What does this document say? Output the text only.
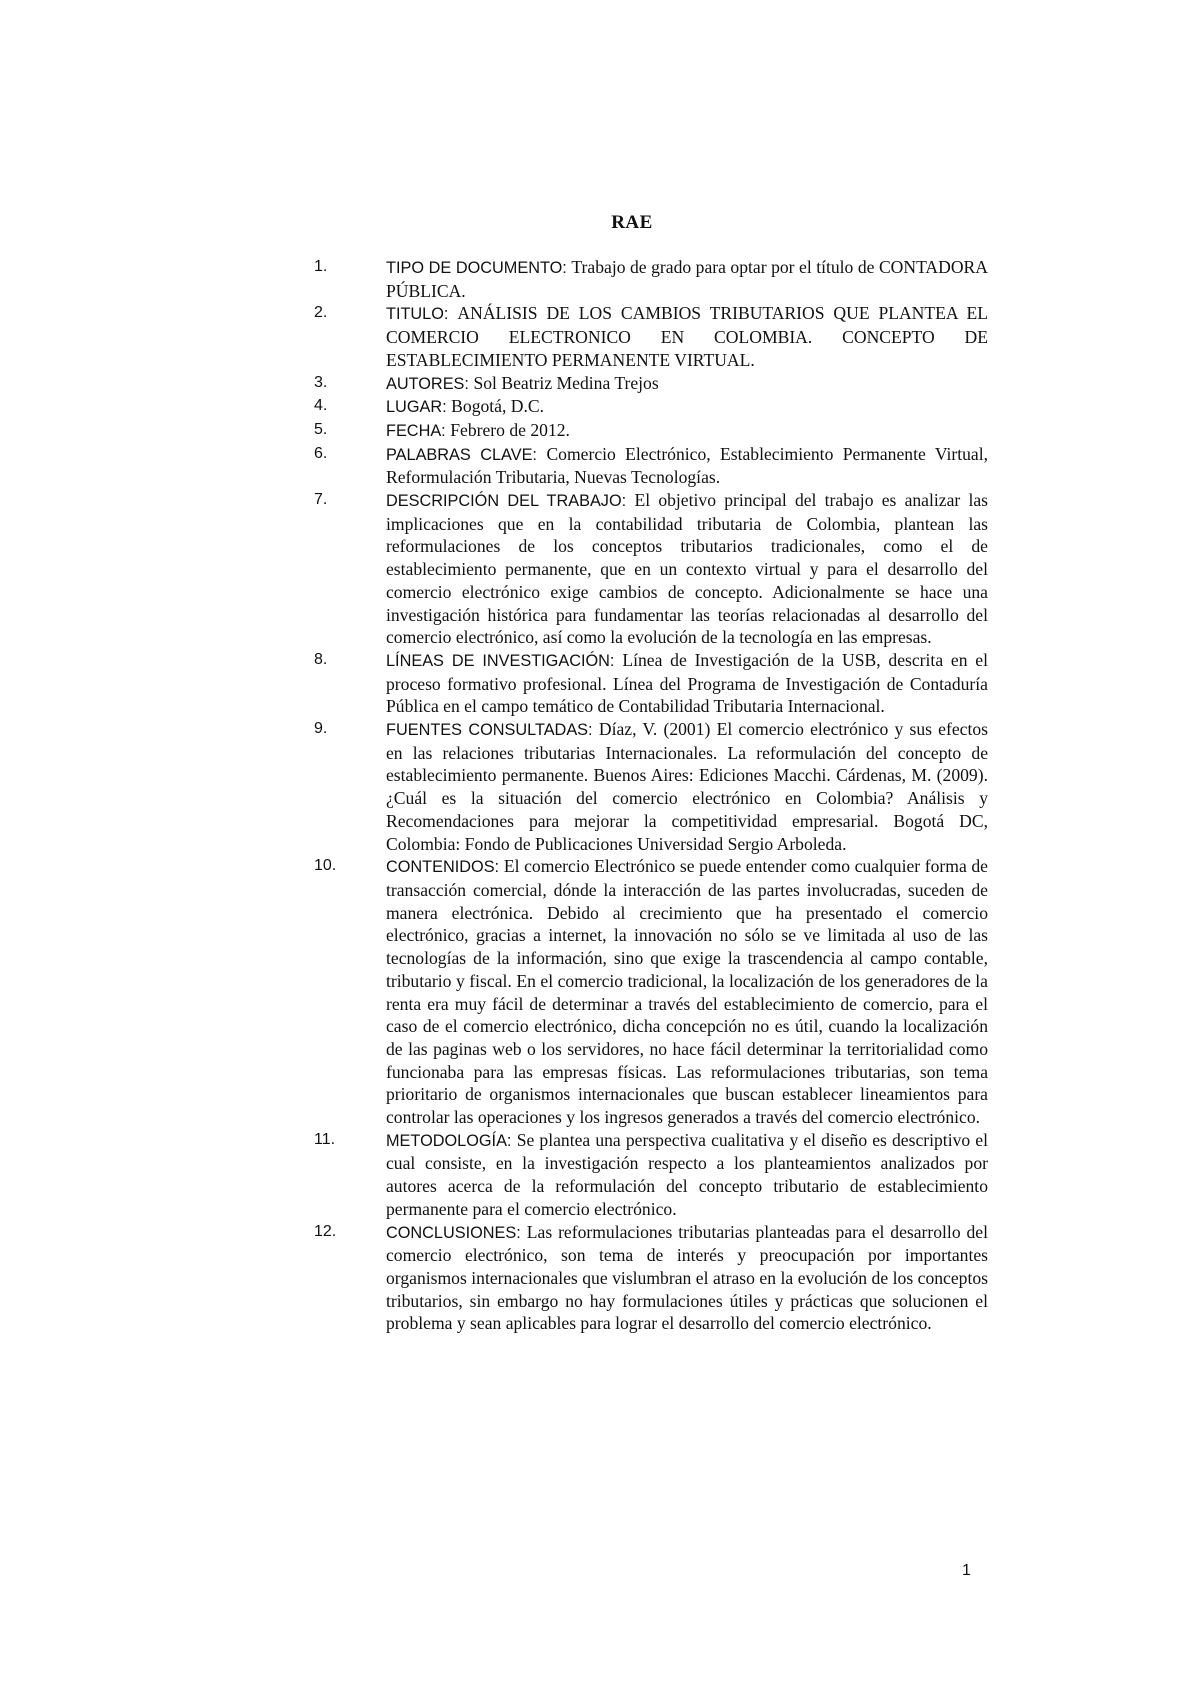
RAE
1.	TIPO DE DOCUMENTO: Trabajo de grado para optar por el título de CONTADORA PÚBLICA.
2.	TITULO: ANÁLISIS DE LOS CAMBIOS TRIBUTARIOS QUE PLANTEA EL COMERCIO ELECTRONICO EN COLOMBIA. CONCEPTO DE ESTABLECIMIENTO PERMANENTE VIRTUAL.
3.	AUTORES: Sol Beatriz Medina Trejos
4.	LUGAR: Bogotá, D.C.
5.	FECHA: Febrero de 2012.
6.	PALABRAS CLAVE: Comercio Electrónico, Establecimiento Permanente Virtual, Reformulación Tributaria, Nuevas Tecnologías.
7.	DESCRIPCIÓN DEL TRABAJO: El objetivo principal del trabajo es analizar las implicaciones que en la contabilidad tributaria de Colombia, plantean las reformulaciones de los conceptos tributarios tradicionales, como el de establecimiento permanente, que en un contexto virtual y para el desarrollo del comercio electrónico exige cambios de concepto. Adicionalmente se hace una investigación histórica para fundamentar las teorías relacionadas al desarrollo del comercio electrónico, así como la evolución de la tecnología en las empresas.
8.	LÍNEAS DE INVESTIGACIÓN: Línea de Investigación de la USB, descrita en el proceso formativo profesional. Línea del Programa de Investigación de Contaduría Pública en el campo temático de Contabilidad Tributaria Internacional.
9.	FUENTES CONSULTADAS: Díaz, V. (2001) El comercio electrónico y sus efectos en las relaciones tributarias Internacionales. La reformulación del concepto de establecimiento permanente. Buenos Aires: Ediciones Macchi. Cárdenas, M. (2009). ¿Cuál es la situación del comercio electrónico en Colombia? Análisis y Recomendaciones para mejorar la competitividad empresarial. Bogotá DC, Colombia: Fondo de Publicaciones Universidad Sergio Arboleda.
10.	CONTENIDOS: El comercio Electrónico se puede entender como cualquier forma de transacción comercial, dónde la interacción de las partes involucradas, suceden de manera electrónica. Debido al crecimiento que ha presentado el comercio electrónico, gracias a internet, la innovación no sólo se ve limitada al uso de las tecnologías de la información, sino que exige la trascendencia al campo contable, tributario y fiscal. En el comercio tradicional, la localización de los generadores de la renta era muy fácil de determinar a través del establecimiento de comercio, para el caso de el comercio electrónico, dicha concepción no es útil, cuando la localización de las paginas web o los servidores, no hace fácil determinar la territorialidad como funcionaba para las empresas físicas. Las reformulaciones tributarias, son tema prioritario de organismos internacionales que buscan establecer lineamientos para controlar las operaciones y los ingresos generados a través del comercio electrónico.
11.	METODOLOGÍA: Se plantea una perspectiva cualitativa y el diseño es descriptivo el cual consiste, en la investigación respecto a los planteamientos analizados por autores acerca de la reformulación del concepto tributario de establecimiento permanente para el comercio electrónico.
12.	CONCLUSIONES: Las reformulaciones tributarias planteadas para el desarrollo del comercio electrónico, son tema de interés y preocupación por importantes organismos internacionales que vislumbran el atraso en la evolución de los conceptos tributarios, sin embargo no hay formulaciones útiles y prácticas que solucionen el problema y sean aplicables para lograr el desarrollo del comercio electrónico.
1
